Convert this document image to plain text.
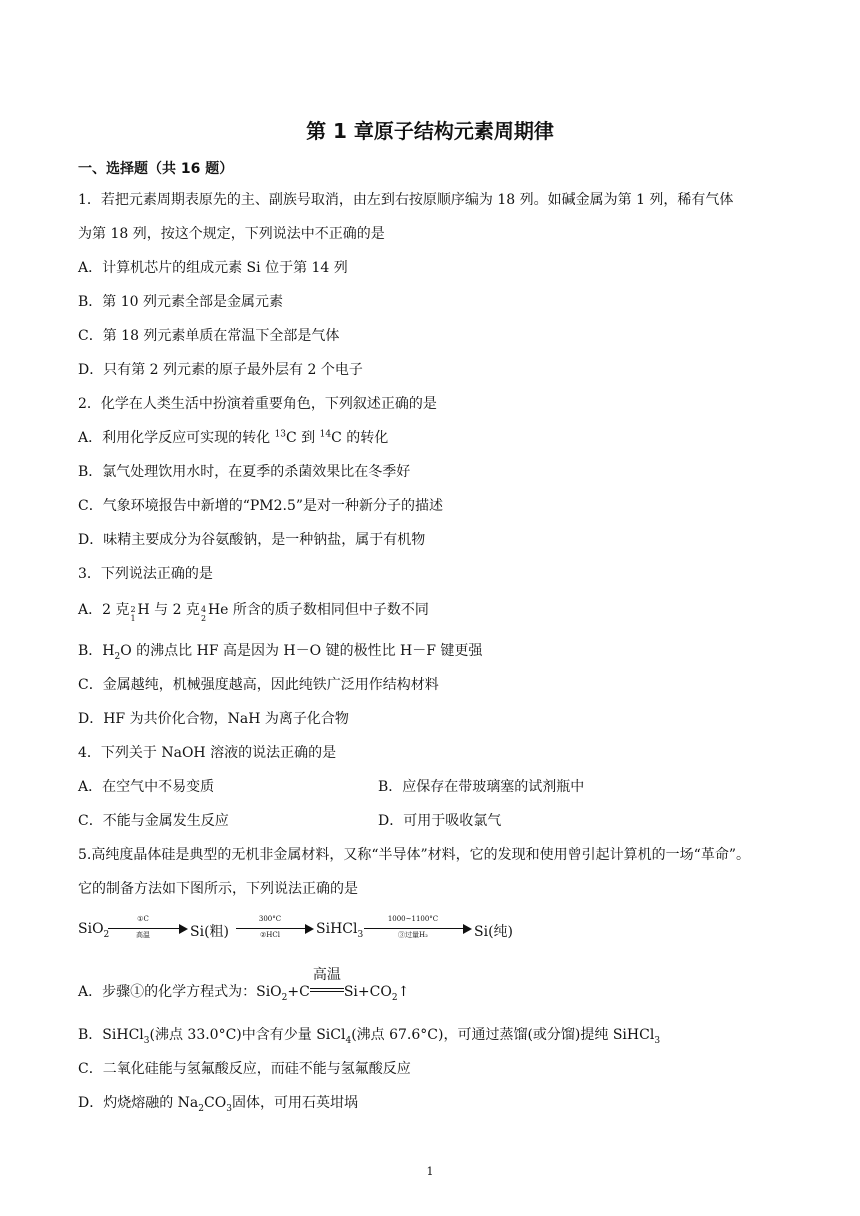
第 1 章原子结构元素周期律
一、选择题（共 16 题）
1．若把元素周期表原先的主、副族号取消，由左到右按原顺序编为 18 列。如碱金属为第 1 列，稀有气体
为第 18 列，按这个规定，下列说法中不正确的是
A．计算机芯片的组成元素 Si 位于第 14 列
B．第 10 列元素全部是金属元素
C．第 18 列元素单质在常温下全部是气体
D．只有第 2 列元素的原子最外层有 2 个电子
2．化学在人类生活中扮演着重要角色，下列叙述正确的是
A．利用化学反应可实现的转化 $^{13}$C 到 $^{14}$C 的转化
B．氯气处理饮用水时，在夏季的杀菌效果比在冬季好
C．气象环境报告中新增的“PM2.5”是对一种新分子的描述
D．味精主要成分为谷氨酸钠，是一种钠盐，属于有机物
3．下列说法正确的是
A．2 克 2
1
H 与 2 克 4
2
He 所含的质子数相同但中子数不同
B．$H_2O$ 的沸点比 HF 高是因为 H－O 键的极性比 H－F 键更强
C．金属越纯，机械强度越高，因此纯铁广泛用作结构材料
D．HF 为共价化合物，NaH 为离子化合物
4．下列关于 NaOH 溶液的说法正确的是
A．在空气中不易变质	B．应保存在带玻璃塞的试剂瓶中
C．不能与金属发生反应	D．可用于吸收氯气
5.高纯度晶体硅是典型的无机非金属材料，又称“半导体”材料，它的发现和使用曾引起计算机的一场“革命”。
它的制备方法如下图所示，下列说法正确的是
SiO$_2$
①C
高温	Si(粗)
300°C
②HCl	SiHCl$_3$
1000~1100°C
③过量H₂	Si(纯)
A．步骤①的化学方程式为：SiO$_2$+C
高温
$Si+CO_2↑$
B．SiHCl$_3$(沸点 33.0°C)中含有少量 SiCl$_4$(沸点 67.6°C)，可通过蒸馏(或分馏)提纯 SiHCl$_3$
C．二氧化硅能与氢氟酸反应，而硅不能与氢氟酸反应
D．灼烧熔融的 $Na_2CO_3$固体，可用石英坩埚
1
